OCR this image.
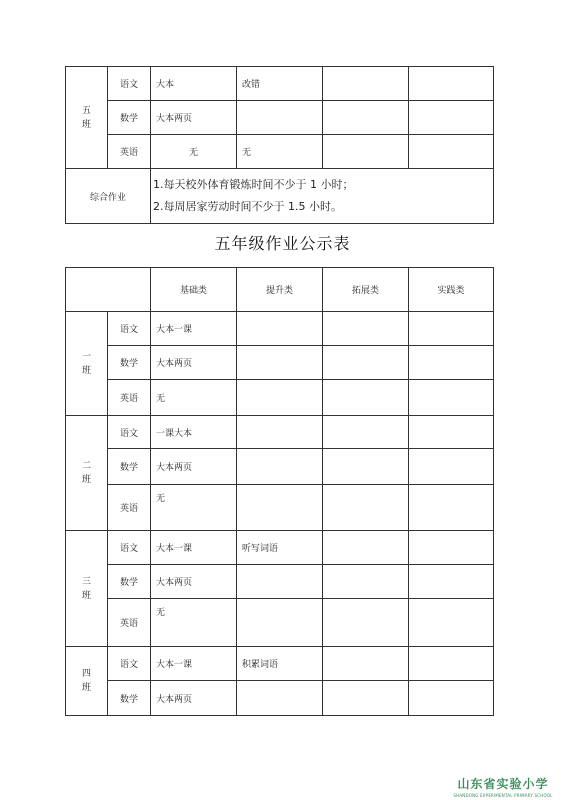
五
班	语文	大本	改错		
	数学	大本两页			
	英语	无	无		
综合作业		1.每天校外体育锻炼时间不少于 1 小时；
2.每周居家劳动时间不少于 1.5 小时。			
五年级作业公示表
		基础类	提升类	拓展类	实践类

一
班	语文	大本一课			
	数学	大本两页			
	英语	无			

二
班	语文	一课大本			
	数学	大本两页			
	英语	无			

三
班	语文	大本一课	听写词语		
	数学	大本两页			
	英语	无			

四
班	语文	大本一课	积累词语		
	数学	大本两页			
山东省实验小学
SHANDONG EXPERIMENTAL PRIMARY SCHOOL
